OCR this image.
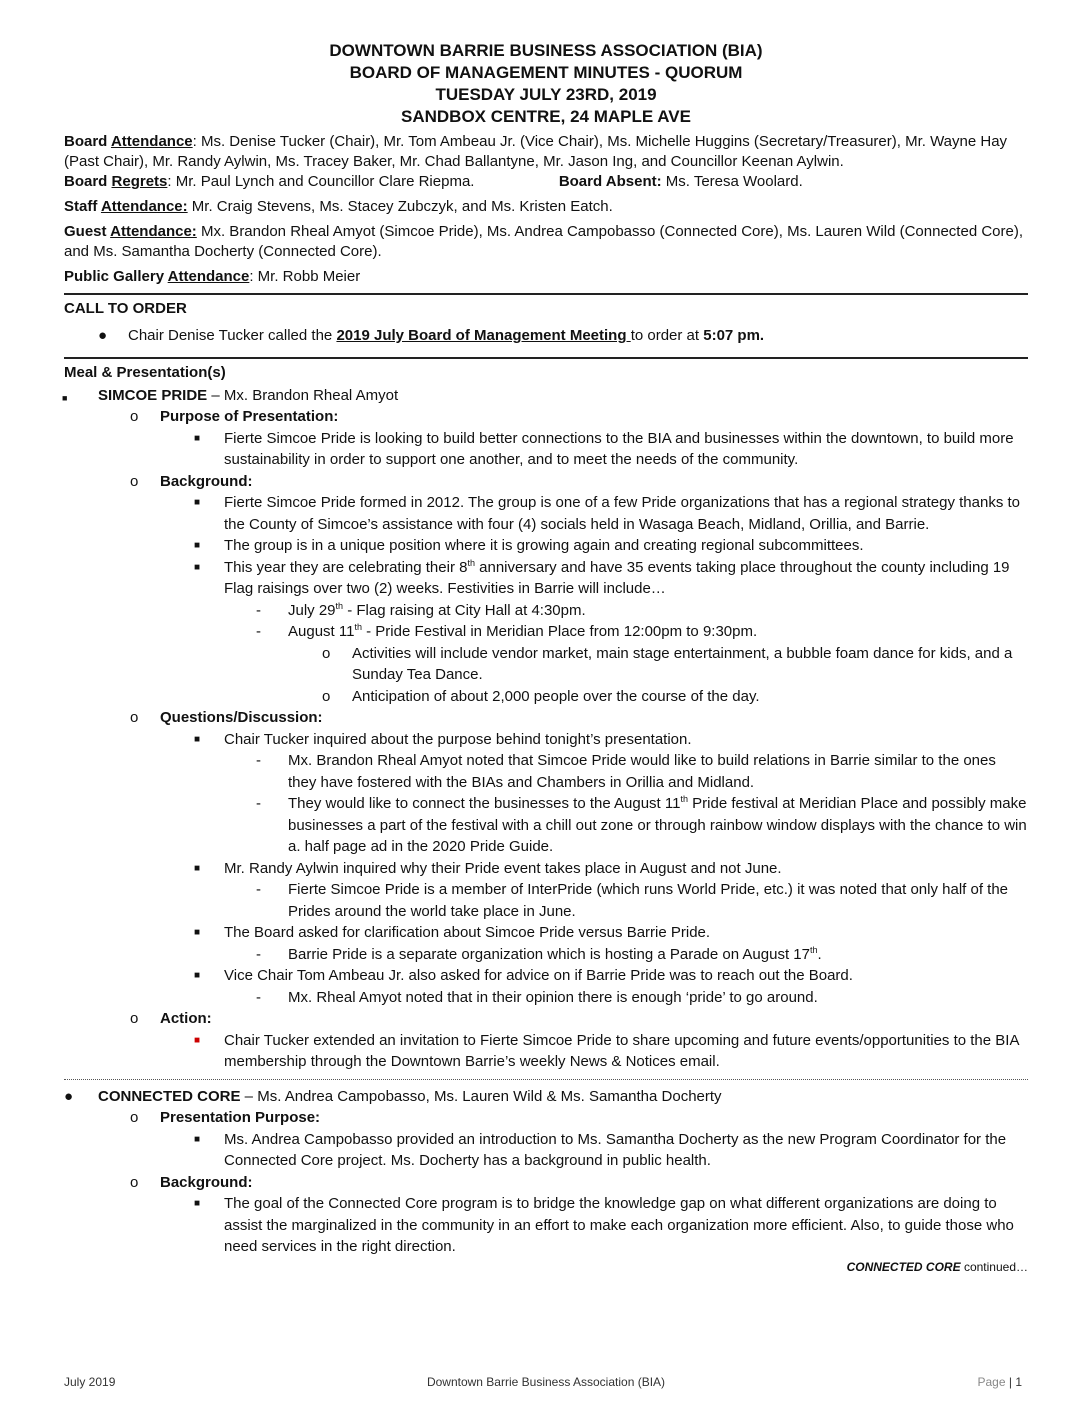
DOWNTOWN BARRIE BUSINESS ASSOCIATION (BIA)
BOARD OF MANAGEMENT MINUTES - QUORUM
TUESDAY JULY 23RD, 2019
SANDBOX CENTRE, 24 MAPLE AVE

Board Attendance: Ms. Denise Tucker (Chair), Mr. Tom Ambeau Jr. (Vice Chair), Ms. Michelle Huggins (Secretary/Treasurer), Mr. Wayne Hay (Past Chair), Mr. Randy Aylwin, Ms. Tracey Baker, Mr. Chad Ballantyne, Mr. Jason Ing, and Councillor Keenan Aylwin.

Board Regrets: Mr. Paul Lynch and Councillor Clare Riepma.	Board Absent: Ms. Teresa Woolard.

Staff Attendance: Mr. Craig Stevens, Ms. Stacey Zubczyk, and Ms. Kristen Eatch.

Guest Attendance: Mx. Brandon Rheal Amyot (Simcoe Pride), Ms. Andrea Campobasso (Connected Core), Ms. Lauren Wild (Connected Core), and Ms. Samantha Docherty (Connected Core).

Public Gallery Attendance: Mr. Robb Meier

CALL TO ORDER
● Chair Denise Tucker called the 2019 July Board of Management Meeting to order at 5:07 pm.
Meal & Presentation(s)
■ SIMCOE PRIDE – Mx. Brandon Rheal Amyot
o Purpose of Presentation:
■ Fierte Simcoe Pride is looking to build better connections to the BIA and businesses within the downtown, to build more sustainability in order to support one another, and to meet the needs of the community.
o Background:
■ Fierte Simcoe Pride formed in 2012. The group is one of a few Pride organizations that has a regional strategy thanks to the County of Simcoe’s assistance with four (4) socials held in Wasaga Beach, Midland, Orillia, and Barrie.
■ The group is in a unique position where it is growing again and creating regional subcommittees.
■ This year they are celebrating their 8th anniversary and have 35 events taking place throughout the county including 19 Flag raisings over two (2) weeks. Festivities in Barrie will include…
- July 29th - Flag raising at City Hall at 4:30pm.
- August 11th - Pride Festival in Meridian Place from 12:00pm to 9:30pm.
o Activities will include vendor market, main stage entertainment, a bubble foam dance for kids, and a Sunday Tea Dance.
o Anticipation of about 2,000 people over the course of the day.
o Questions/Discussion:
■ Chair Tucker inquired about the purpose behind tonight’s presentation.
- Mx. Brandon Rheal Amyot noted that Simcoe Pride would like to build relations in Barrie similar to the ones they have fostered with the BIAs and Chambers in Orillia and Midland.
- They would like to connect the businesses to the August 11th Pride festival at Meridian Place and possibly make businesses a part of the festival with a chill out zone or through rainbow window displays with the chance to win a. half page ad in the 2020 Pride Guide.
■ Mr. Randy Aylwin inquired why their Pride event takes place in August and not June.
- Fierte Simcoe Pride is a member of InterPride (which runs World Pride, etc.) it was noted that only half of the Prides around the world take place in June.
■ The Board asked for clarification about Simcoe Pride versus Barrie Pride.
- Barrie Pride is a separate organization which is hosting a Parade on August 17th.
■ Vice Chair Tom Ambeau Jr. also asked for advice on if Barrie Pride was to reach out the Board.
- Mx. Rheal Amyot noted that in their opinion there is enough ‘pride’ to go around.
o Action:
■ Chair Tucker extended an invitation to Fierte Simcoe Pride to share upcoming and future events/opportunities to the BIA membership through the Downtown Barrie’s weekly News & Notices email.
● CONNECTED CORE – Ms. Andrea Campobasso, Ms. Lauren Wild & Ms. Samantha Docherty
o Presentation Purpose:
■ Ms. Andrea Campobasso provided an introduction to Ms. Samantha Docherty as the new Program Coordinator for the Connected Core project. Ms. Docherty has a background in public health.
o Background:
■ The goal of the Connected Core program is to bridge the knowledge gap on what different organizations are doing to assist the marginalized in the community in an effort to make each organization more efficient. Also, to guide those who need services in the right direction.
CONNECTED CORE continued…
July 2019	Downtown Barrie Business Association (BIA)	Page | 1
